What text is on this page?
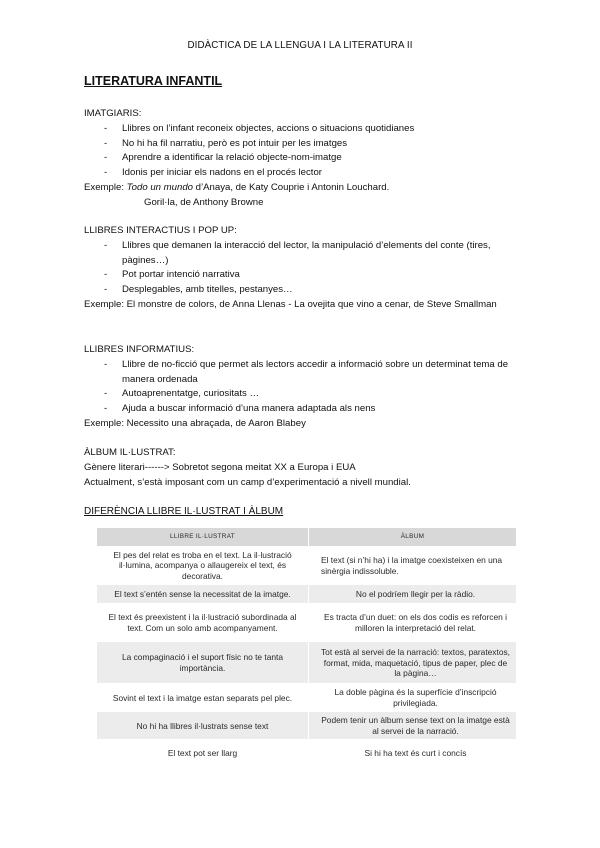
DIDÀCTICA DE LA LLENGUA I LA LITERATURA II
LITERATURA INFANTIL

IMATGIARIS:

- Llibres on l’infant reconeix objectes, accions o situacions quotidianes
- No hi ha fil narratiu, però es pot intuir per les imatges
- Aprendre a identificar la relació objecte-nom-imatge
- Idonis per iniciar els nadons en el procés lector

Exemple: Todo un mundo d’Anaya, de Katy Couprie i Antonin Louchard.

Goril·la, de Anthony Browne

LLIBRES INTERACTIUS I POP UP:

- Llibres que demanen la interacció del lector, la manipulació d’elements del conte (tires, pàgines…)
- Pot portar intenció narrativa
- Desplegables, amb titelles, pestanyes…

Exemple: El monstre de colors, de Anna Llenas - La ovejita que vino a cenar, de Steve Smallman

LLIBRES INFORMATIUS:

- Llibre de no-ficció que permet als lectors accedir a informació sobre un determinat tema de manera ordenada
- Autoaprenentatge, curiositats …
- Ajuda a buscar informació d’una manera adaptada als nens

Exemple: Necessito una abraçada, de Aaron Blabey

ÀLBUM IL·LUSTRAT:

Gènere literari------> Sobretot segona meitat XX a Europa i EUA

Actualment, s’està imposant com un camp d’experimentació a nivell mundial.

DIFERÈNCIA LLIBRE IL·LUSTRAT I ÀLBUM
LLIBRE IL·LUSTRAT	ÀLBUM
El pes del relat es troba en el text. La il·lustració il·lumina, acompanya o allaugereix el text, és decorativa.	El text (si n’hi ha) i la imatge coexisteixen en una sinèrgia indissoluble.
El text s’entén sense la necessitat de la imatge.	No el podríem llegir per la ràdio.
El text és preexistent i la il·lustració subordinada al text. Com un solo amb acompanyament.	Es tracta d’un duet: on els dos codis es reforcen i milloren la interpretació del relat.
La compaginació i el suport físic no te tanta importància.	Tot està al servei de la narració: textos, paratextos, format, mida, maquetació, tipus de paper, plec de la pàgina…
Sovint el text i la imatge estan separats pel plec.	La doble pàgina és la superfície d’inscripció privilegiada.
No hi ha llibres il·lustrats sense text	Podem tenir un àlbum sense text on la imatge està al servei de la narració.
El text pot ser llarg	Si hi ha text és curt i concís
